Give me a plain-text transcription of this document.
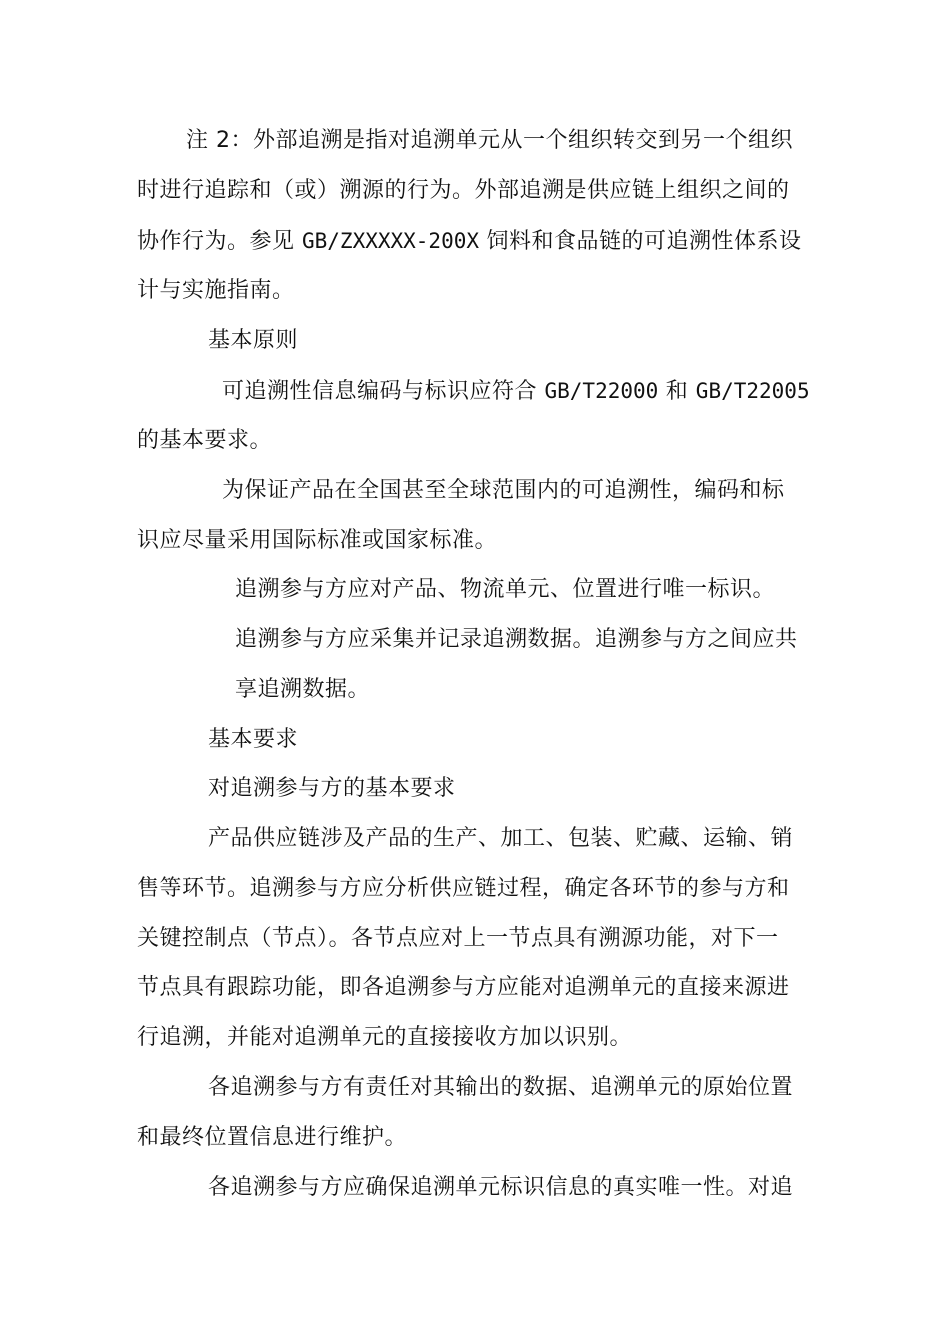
注 2：外部追溯是指对追溯单元从一个组织转交到另一个组织
时进行追踪和（或）溯源的行为。外部追溯是供应链上组织之间的
协作行为。参见 GB/ZXXXXX-200X 饲料和食品链的可追溯性体系设
计与实施指南。
基本原则
可追溯性信息编码与标识应符合 GB/T22000 和 GB/T22005
的基本要求。
为保证产品在全国甚至全球范围内的可追溯性，编码和标
识应尽量采用国际标准或国家标准。
追溯参与方应对产品、物流单元、位置进行唯一标识。
追溯参与方应采集并记录追溯数据。追溯参与方之间应共
享追溯数据。
基本要求
对追溯参与方的基本要求
产品供应链涉及产品的生产、加工、包装、贮藏、运输、销
售等环节。追溯参与方应分析供应链过程，确定各环节的参与方和
关键控制点（节点）。各节点应对上一节点具有溯源功能，对下一
节点具有跟踪功能，即各追溯参与方应能对追溯单元的直接来源进
行追溯，并能对追溯单元的直接接收方加以识别。
各追溯参与方有责任对其输出的数据、追溯单元的原始位置
和最终位置信息进行维护。
各追溯参与方应确保追溯单元标识信息的真实唯一性。对追
